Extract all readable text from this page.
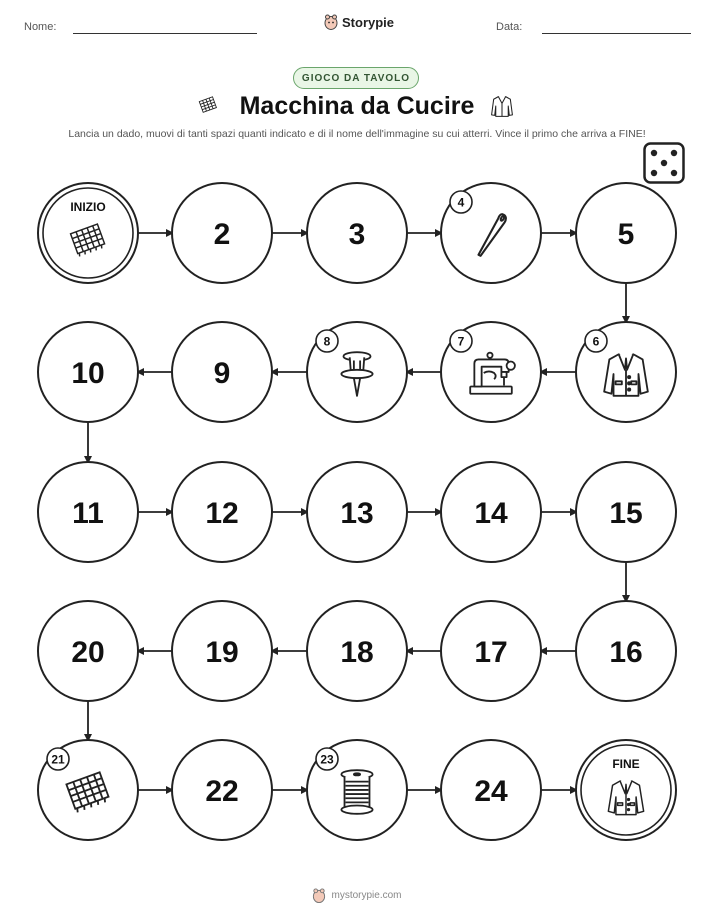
Nome:	Storypie	Data:
GIOCO DA TAVOLO
Macchina da Cucire
Lancia un dado, muovi di tanti spazi quanti indicato e di il nome dell'immagine su cui atterri. Vince il primo che arriva a FINE!
INIZIO
2	3
4
5
6
7
8
9
10
11	12	13	14	15
16
17
18
19
20
21
22
23
24
FINE
mystorypie.com
